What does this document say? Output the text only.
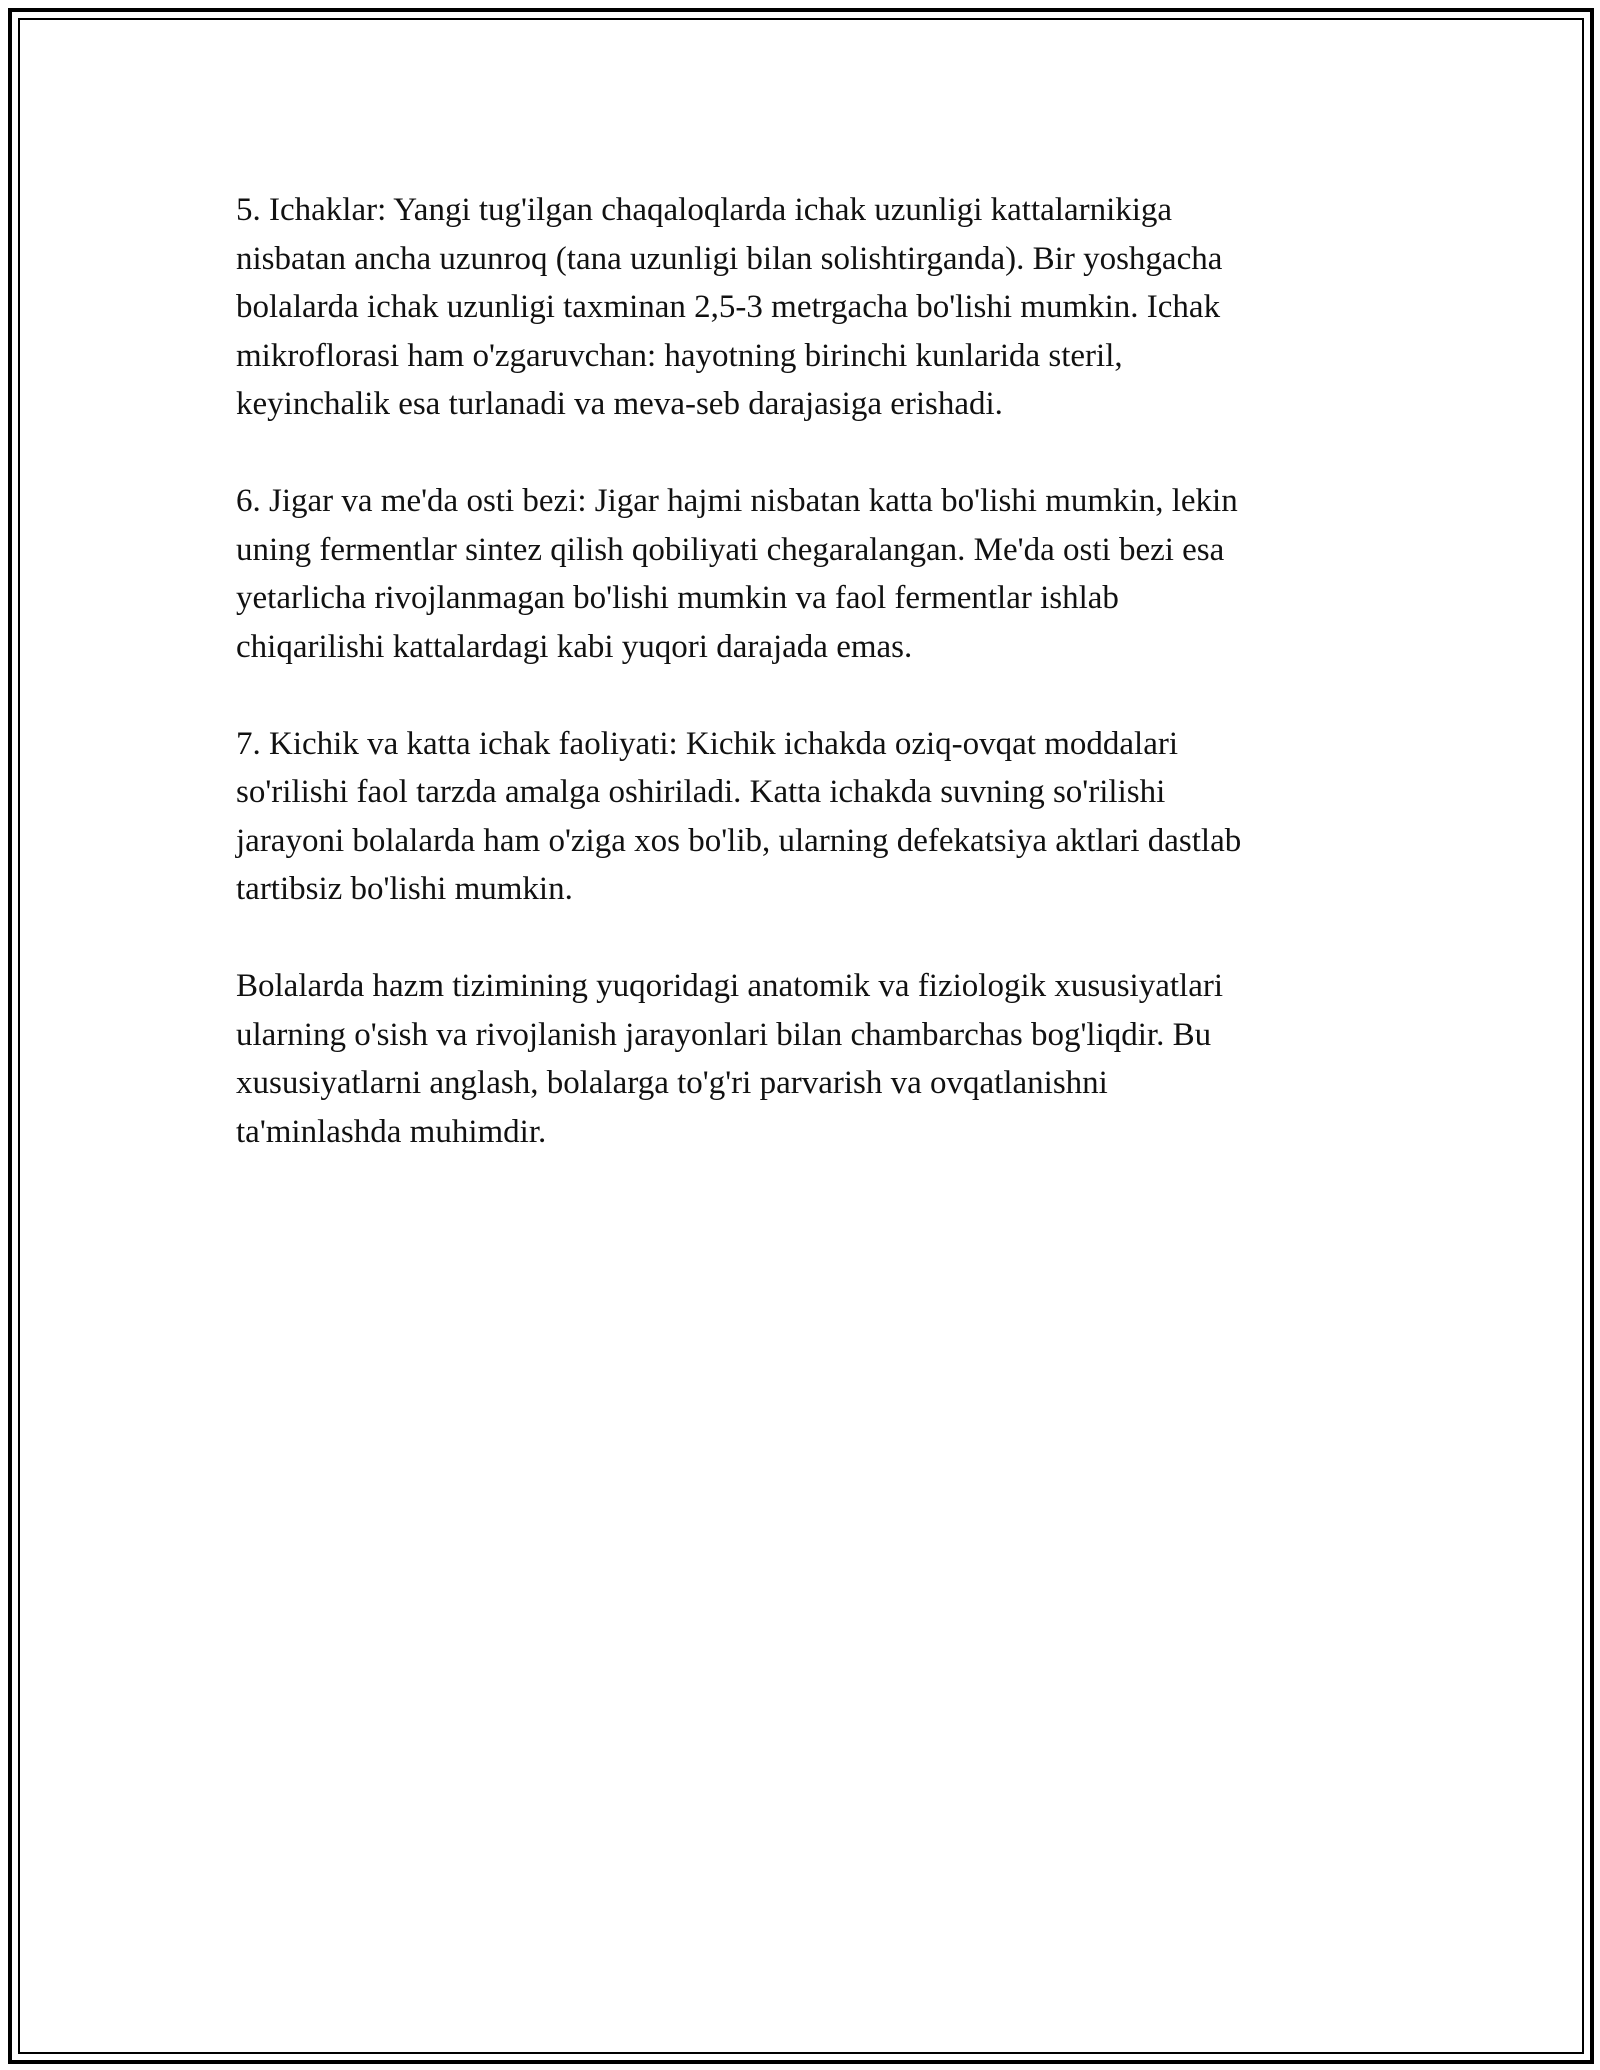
5. Ichaklar: Yangi tug'ilgan chaqaloqlarda ichak uzunligi kattalarnikiga
nisbatan ancha uzunroq (tana uzunligi bilan solishtirganda). Bir yoshgacha
bolalarda ichak uzunligi taxminan 2,5-3 metrgacha bo'lishi mumkin. Ichak
mikroflorasi ham o'zgaruvchan: hayotning birinchi kunlarida steril,
keyinchalik esa turlanadi va meva-seb darajasiga erishadi.

6. Jigar va me'da osti bezi: Jigar hajmi nisbatan katta bo'lishi mumkin, lekin
uning fermentlar sintez qilish qobiliyati chegaralangan. Me'da osti bezi esa
yetarlicha rivojlanmagan bo'lishi mumkin va faol fermentlar ishlab
chiqarilishi kattalardagi kabi yuqori darajada emas.

7. Kichik va katta ichak faoliyati: Kichik ichakda oziq-ovqat moddalari
so'rilishi faol tarzda amalga oshiriladi. Katta ichakda suvning so'rilishi
jarayoni bolalarda ham o'ziga xos bo'lib, ularning defekatsiya aktlari dastlab
tartibsiz bo'lishi mumkin.

Bolalarda hazm tizimining yuqoridagi anatomik va fiziologik xususiyatlari
ularning o'sish va rivojlanish jarayonlari bilan chambarchas bog'liqdir. Bu
xususiyatlarni anglash, bolalarga to'g'ri parvarish va ovqatlanishni
ta'minlashda muhimdir.
